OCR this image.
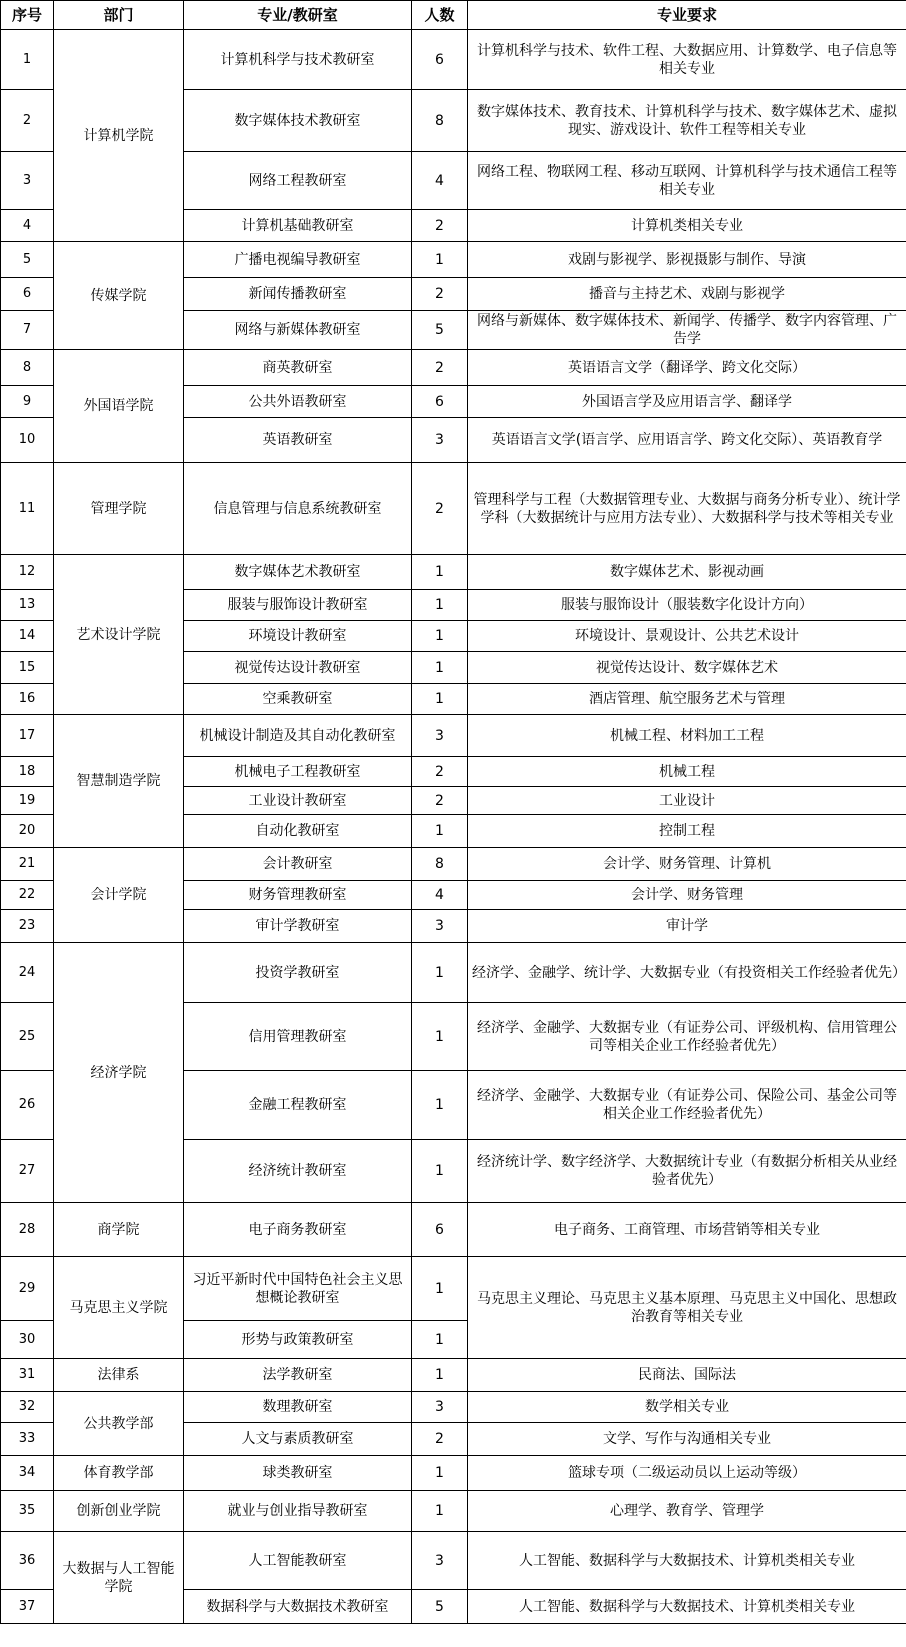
序号	部门	专业/教研室	人数	专业要求
1	计算机学院	计算机科学与技术教研室	6	计算机科学与技术、软件工程、大数据应用、计算数学、电子信息等相关专业
2		数字媒体技术教研室	8	数字媒体技术、教育技术、计算机科学与技术、数字媒体艺术、虚拟现实、游戏设计、软件工程等相关专业
3		网络工程教研室	4	网络工程、物联网工程、移动互联网、计算机科学与技术通信工程等相关专业
4		计算机基础教研室	2	计算机类相关专业
5	传媒学院	广播电视编导教研室	1	戏剧与影视学、影视摄影与制作、导演
6		新闻传播教研室	2	播音与主持艺术、戏剧与影视学
7		网络与新媒体教研室	5	网络与新媒体、数字媒体技术、新闻学、传播学、数字内容管理、广告学
8	外国语学院	商英教研室	2	英语语言文学（翻译学、跨文化交际）
9		公共外语教研室	6	外国语言学及应用语言学、翻译学
10		英语教研室	3	英语语言文学(语言学、应用语言学、跨文化交际）、英语教育学
11	管理学院	信息管理与信息系统教研室	2	管理科学与工程（大数据管理专业、大数据与商务分析专业）、统计学学科（大数据统计与应用方法专业）、大数据科学与技术等相关专业
12	艺术设计学院	数字媒体艺术教研室	1	数字媒体艺术、影视动画
13		服装与服饰设计教研室	1	服装与服饰设计（服装数字化设计方向）
14		环境设计教研室	1	环境设计、景观设计、公共艺术设计
15		视觉传达设计教研室	1	视觉传达设计、数字媒体艺术
16		空乘教研室	1	酒店管理、航空服务艺术与管理
17	智慧制造学院	机械设计制造及其自动化教研室	3	机械工程、材料加工工程
18		机械电子工程教研室	2	机械工程
19		工业设计教研室	2	工业设计
20		自动化教研室	1	控制工程
21	会计学院	会计教研室	8	会计学、财务管理、计算机
22		财务管理教研室	4	会计学、财务管理
23		审计学教研室	3	审计学
24	经济学院	投资学教研室	1	经济学、金融学、统计学、大数据专业（有投资相关工作经验者优先）
25		信用管理教研室	1	经济学、金融学、大数据专业（有证券公司、评级机构、信用管理公司等相关企业工作经验者优先）
26		金融工程教研室	1	经济学、金融学、大数据专业（有证券公司、保险公司、基金公司等相关企业工作经验者优先）
27		经济统计教研室	1	经济统计学、数字经济学、大数据统计专业（有数据分析相关从业经验者优先）
28	商学院	电子商务教研室	6	电子商务、工商管理、市场营销等相关专业
29	马克思主义学院	习近平新时代中国特色社会主义思想概论教研室	1	马克思主义理论、马克思主义基本原理、马克思主义中国化、思想政治教育等相关专业
30		形势与政策教研室	1	
31	法律系	法学教研室	1	民商法、国际法
32	公共教学部	数理教研室	3	数学相关专业
33		人文与素质教研室	2	文学、写作与沟通相关专业
34	体育教学部	球类教研室	1	篮球专项（二级运动员以上运动等级）
35	创新创业学院	就业与创业指导教研室	1	心理学、教育学、管理学
36	大数据与人工智能学院	人工智能教研室	3	人工智能、数据科学与大数据技术、计算机类相关专业
37		数据科学与大数据技术教研室	5	人工智能、数据科学与大数据技术、计算机类相关专业
